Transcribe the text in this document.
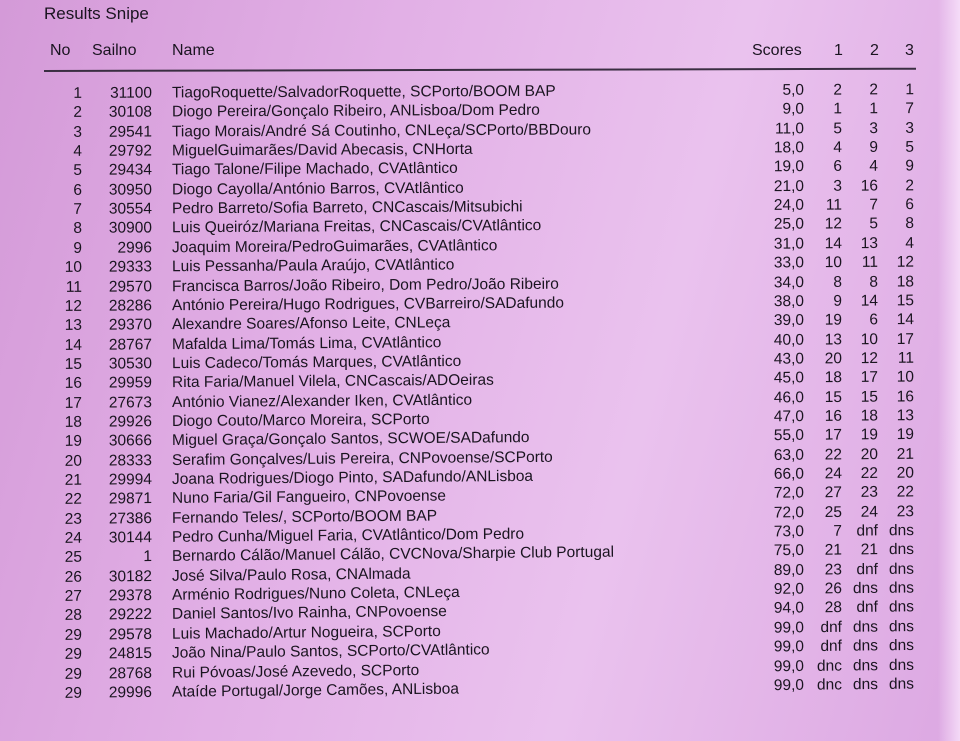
Results Snipe
No Sailno Name	Scores 1 2 3
1	31100 TiagoRoquette/SalvadorRoquette, SCPorto/BOOM BAP	5,0	2	2	1
2	30108 Diogo Pereira/Gonçalo Ribeiro, ANLisboa/Dom Pedro	9,0	1	1	7
3	29541 Tiago Morais/André Sá Coutinho, CNLeça/SCPorto/BBDouro	11,0	5	3	3
4	29792 MiguelGuimarães/David Abecasis, CNHorta	18,0	4	9	5
5	29434 Tiago Talone/Filipe Machado, CVAtlântico	19,0	6	4	9
6	30950 Diogo Cayolla/António Barros, CVAtlântico	21,0	3	16	2
7	30554 Pedro Barreto/Sofia Barreto, CNCascais/Mitsubichi	24,0	11	7	6
8	30900 Luis Queiróz/Mariana Freitas, CNCascais/CVAtlântico	25,0	12	5	8
9	2996 Joaquim Moreira/PedroGuimarães, CVAtlântico	31,0	14	13	4
10	29333 Luis Pessanha/Paula Araújo, CVAtlântico	33,0	10	11	12
11	29570 Francisca Barros/João Ribeiro, Dom Pedro/João Ribeiro	34,0	8	8	18
12	28286 António Pereira/Hugo Rodrigues, CVBarreiro/SADafundo	38,0	9	14	15
13	29370 Alexandre Soares/Afonso Leite, CNLeça	39,0	19	6	14
14	28767 Mafalda Lima/Tomás Lima, CVAtlântico	40,0	13	10	17
15	30530 Luis Cadeco/Tomás Marques, CVAtlântico	43,0	20	12	11
16	29959 Rita Faria/Manuel Vilela, CNCascais/ADOeiras	45,0	18	17	10
17	27673 António Vianez/Alexander Iken, CVAtlântico	46,0	15	15	16
18	29926 Diogo Couto/Marco Moreira, SCPorto	47,0	16	18	13
19	30666 Miguel Graça/Gonçalo Santos, SCWOE/SADafundo	55,0	17	19	19
20	28333 Serafim Gonçalves/Luis Pereira, CNPovoense/SCPorto	63,0	22	20	21
21	29994 Joana Rodrigues/Diogo Pinto, SADafundo/ANLisboa	66,0	24	22	20
22	29871 Nuno Faria/Gil Fangueiro, CNPovoense	72,0	27	23	22
23	27386 Fernando Teles/, SCPorto/BOOM BAP	72,0	25	24	23
24	30144 Pedro Cunha/Miguel Faria, CVAtlântico/Dom Pedro	73,0	7 dnf dns
25	1 Bernardo Cálão/Manuel Cálão, CVCNova/Sharpie Club Portugal	75,0	21	21 dns
26	30182 José Silva/Paulo Rosa, CNAlmada	89,0	23 dnf dns
27	29378 Arménio Rodrigues/Nuno Coleta, CNLeça	92,0	26 dns dns
28	29222 Daniel Santos/Ivo Rainha, CNPovoense	94,0	28 dnf dns
29	29578 Luis Machado/Artur Nogueira, SCPorto	99,0	dnf dns dns
29	24815 João Nina/Paulo Santos, SCPorto/CVAtlântico	99,0	dnf dns dns
29	28768 Rui Póvoas/José Azevedo, SCPorto	99,0 dnc dns dns
29	29996 Ataíde Portugal/Jorge Camões, ANLisboa	99,0 dnc dns dns
